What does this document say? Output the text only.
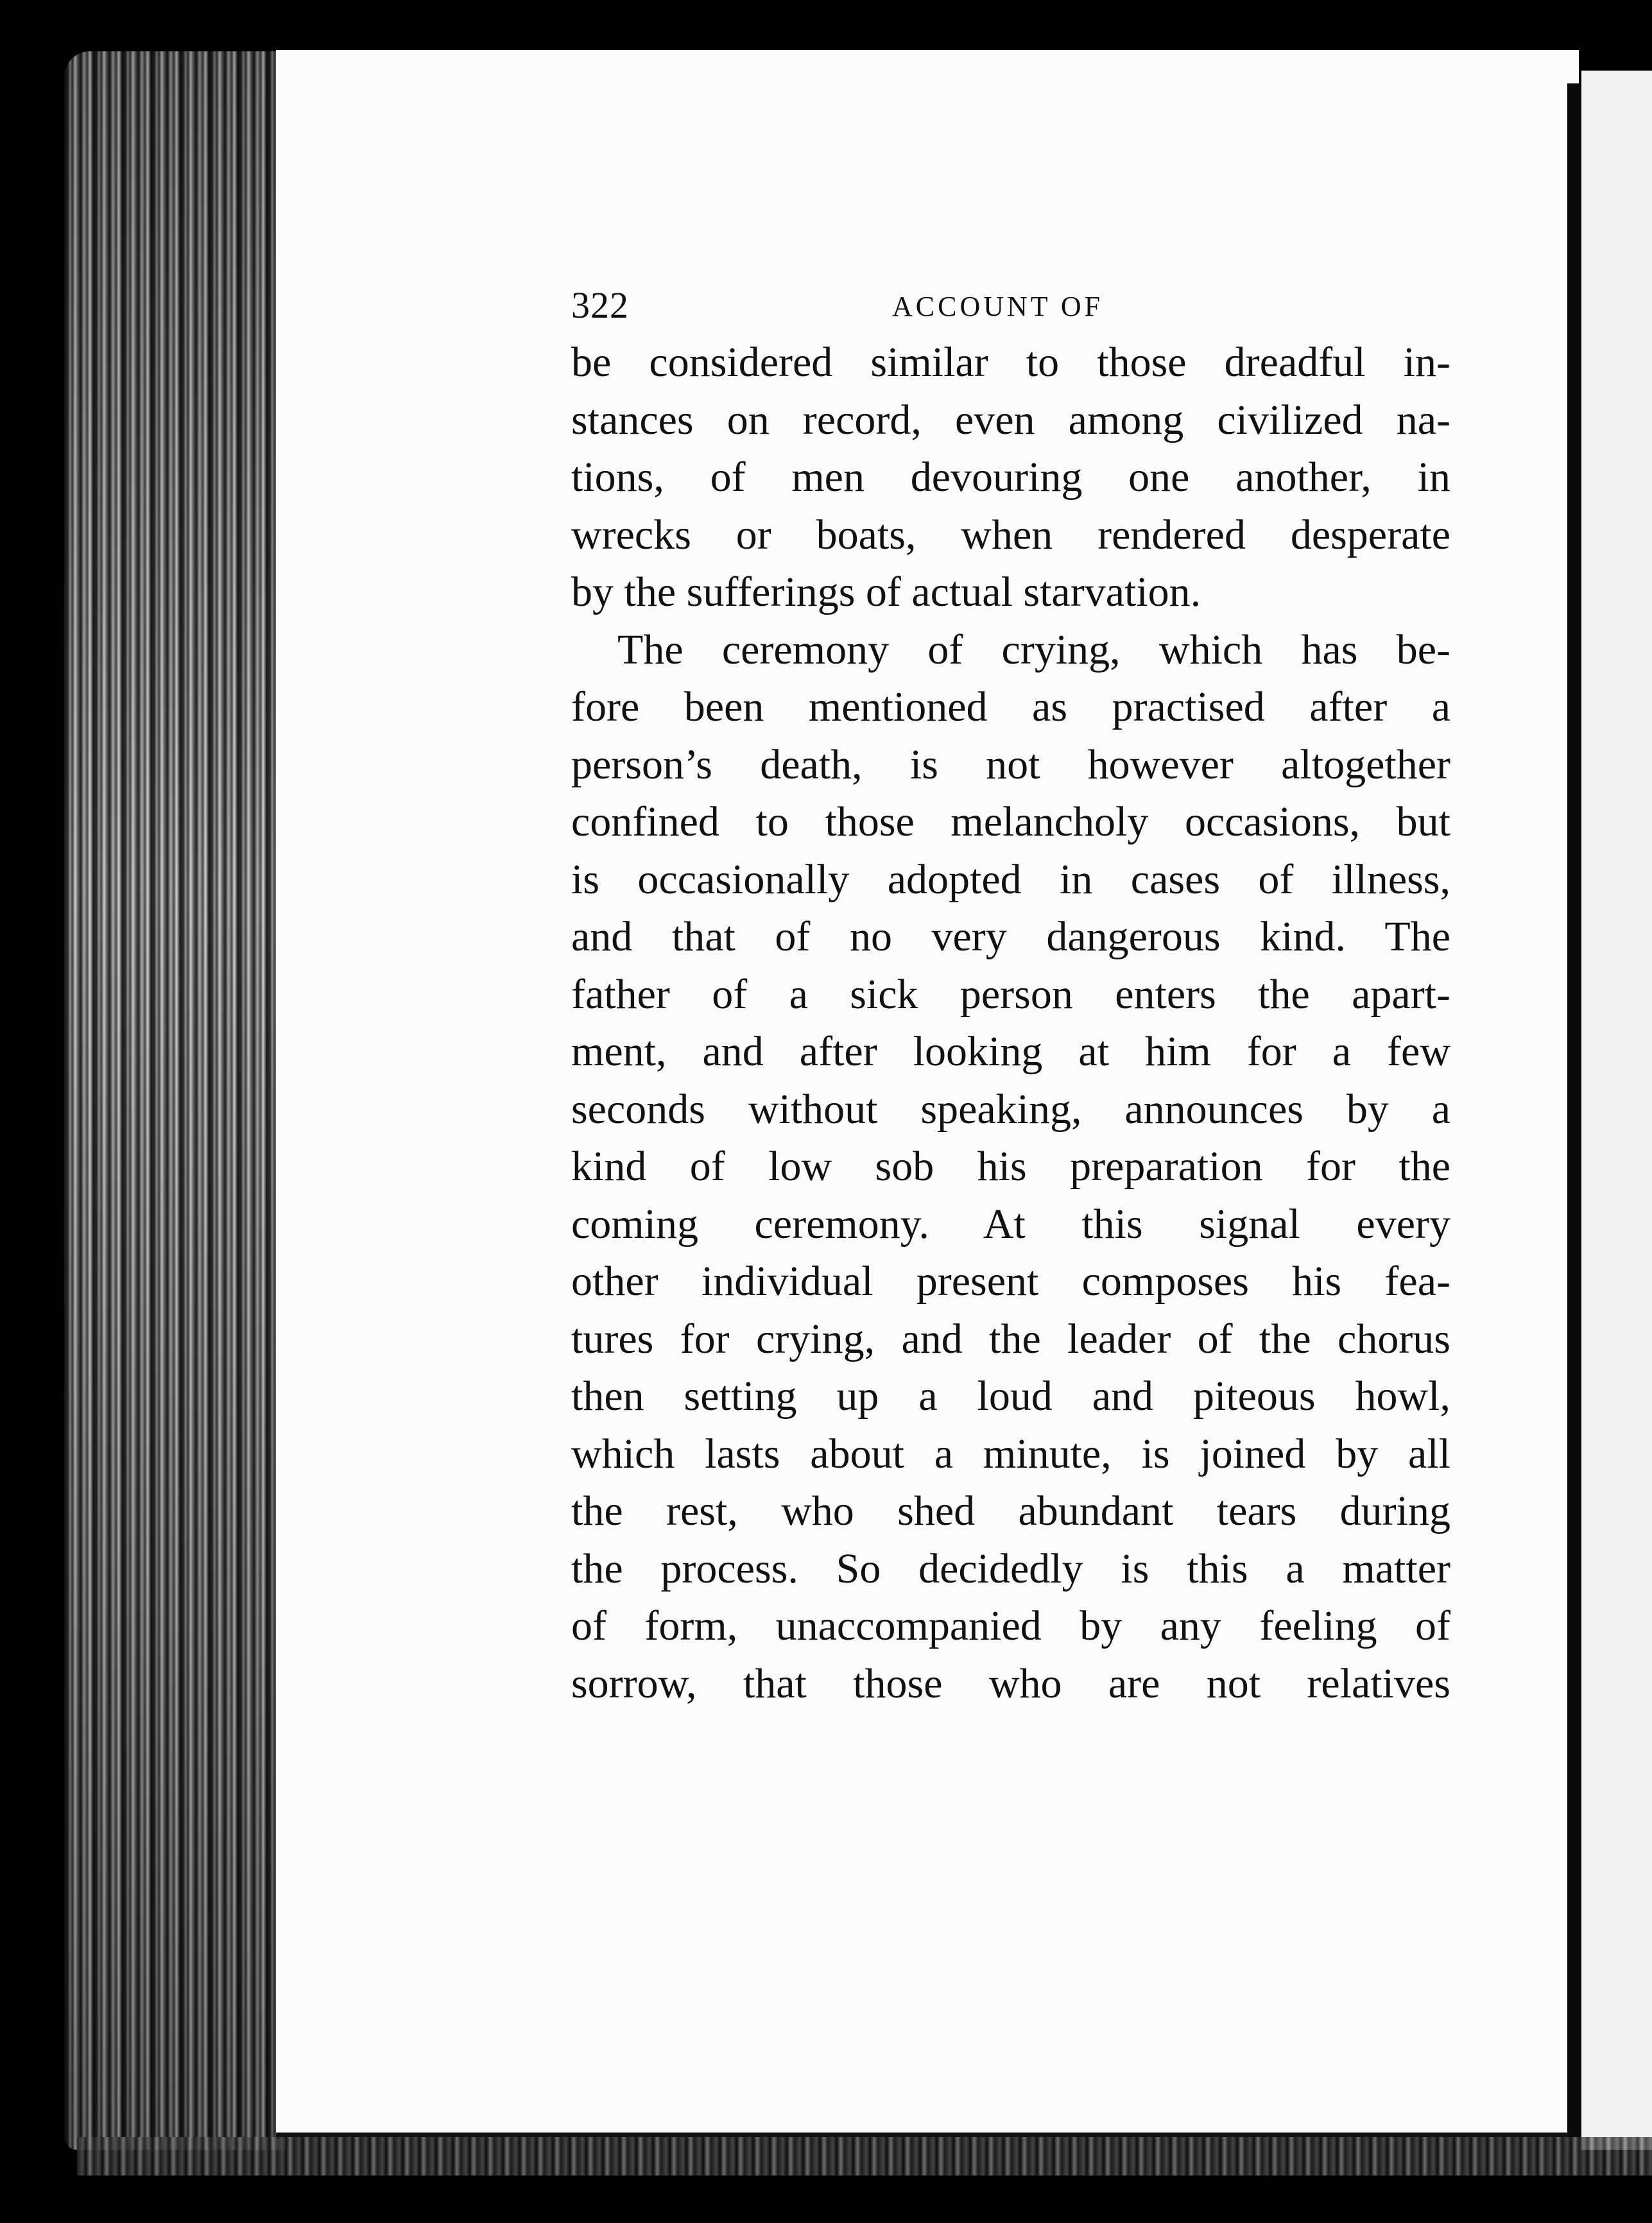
322	ACCOUNT OF
be considered similar to those dreadful in-
stances on record, even among civilized na-
tions, of men devouring one another, in
wrecks or boats, when rendered desperate
by the sufferings of actual starvation.
The ceremony of crying, which has be-
fore been mentioned as practised after a
person’s death, is not however altogether
confined to those melancholy occasions, but
is occasionally adopted in cases of illness,
and that of no very dangerous kind. The
father of a sick person enters the apart-
ment, and after looking at him for a few
seconds without speaking, announces by a
kind of low sob his preparation for the
coming ceremony. At this signal every
other individual present composes his fea-
tures for crying, and the leader of the chorus
then setting up a loud and piteous howl,
which lasts about a minute, is joined by all
the rest, who shed abundant tears during
the process. So decidedly is this a matter
of form, unaccompanied by any feeling of
sorrow, that those who are not relatives
